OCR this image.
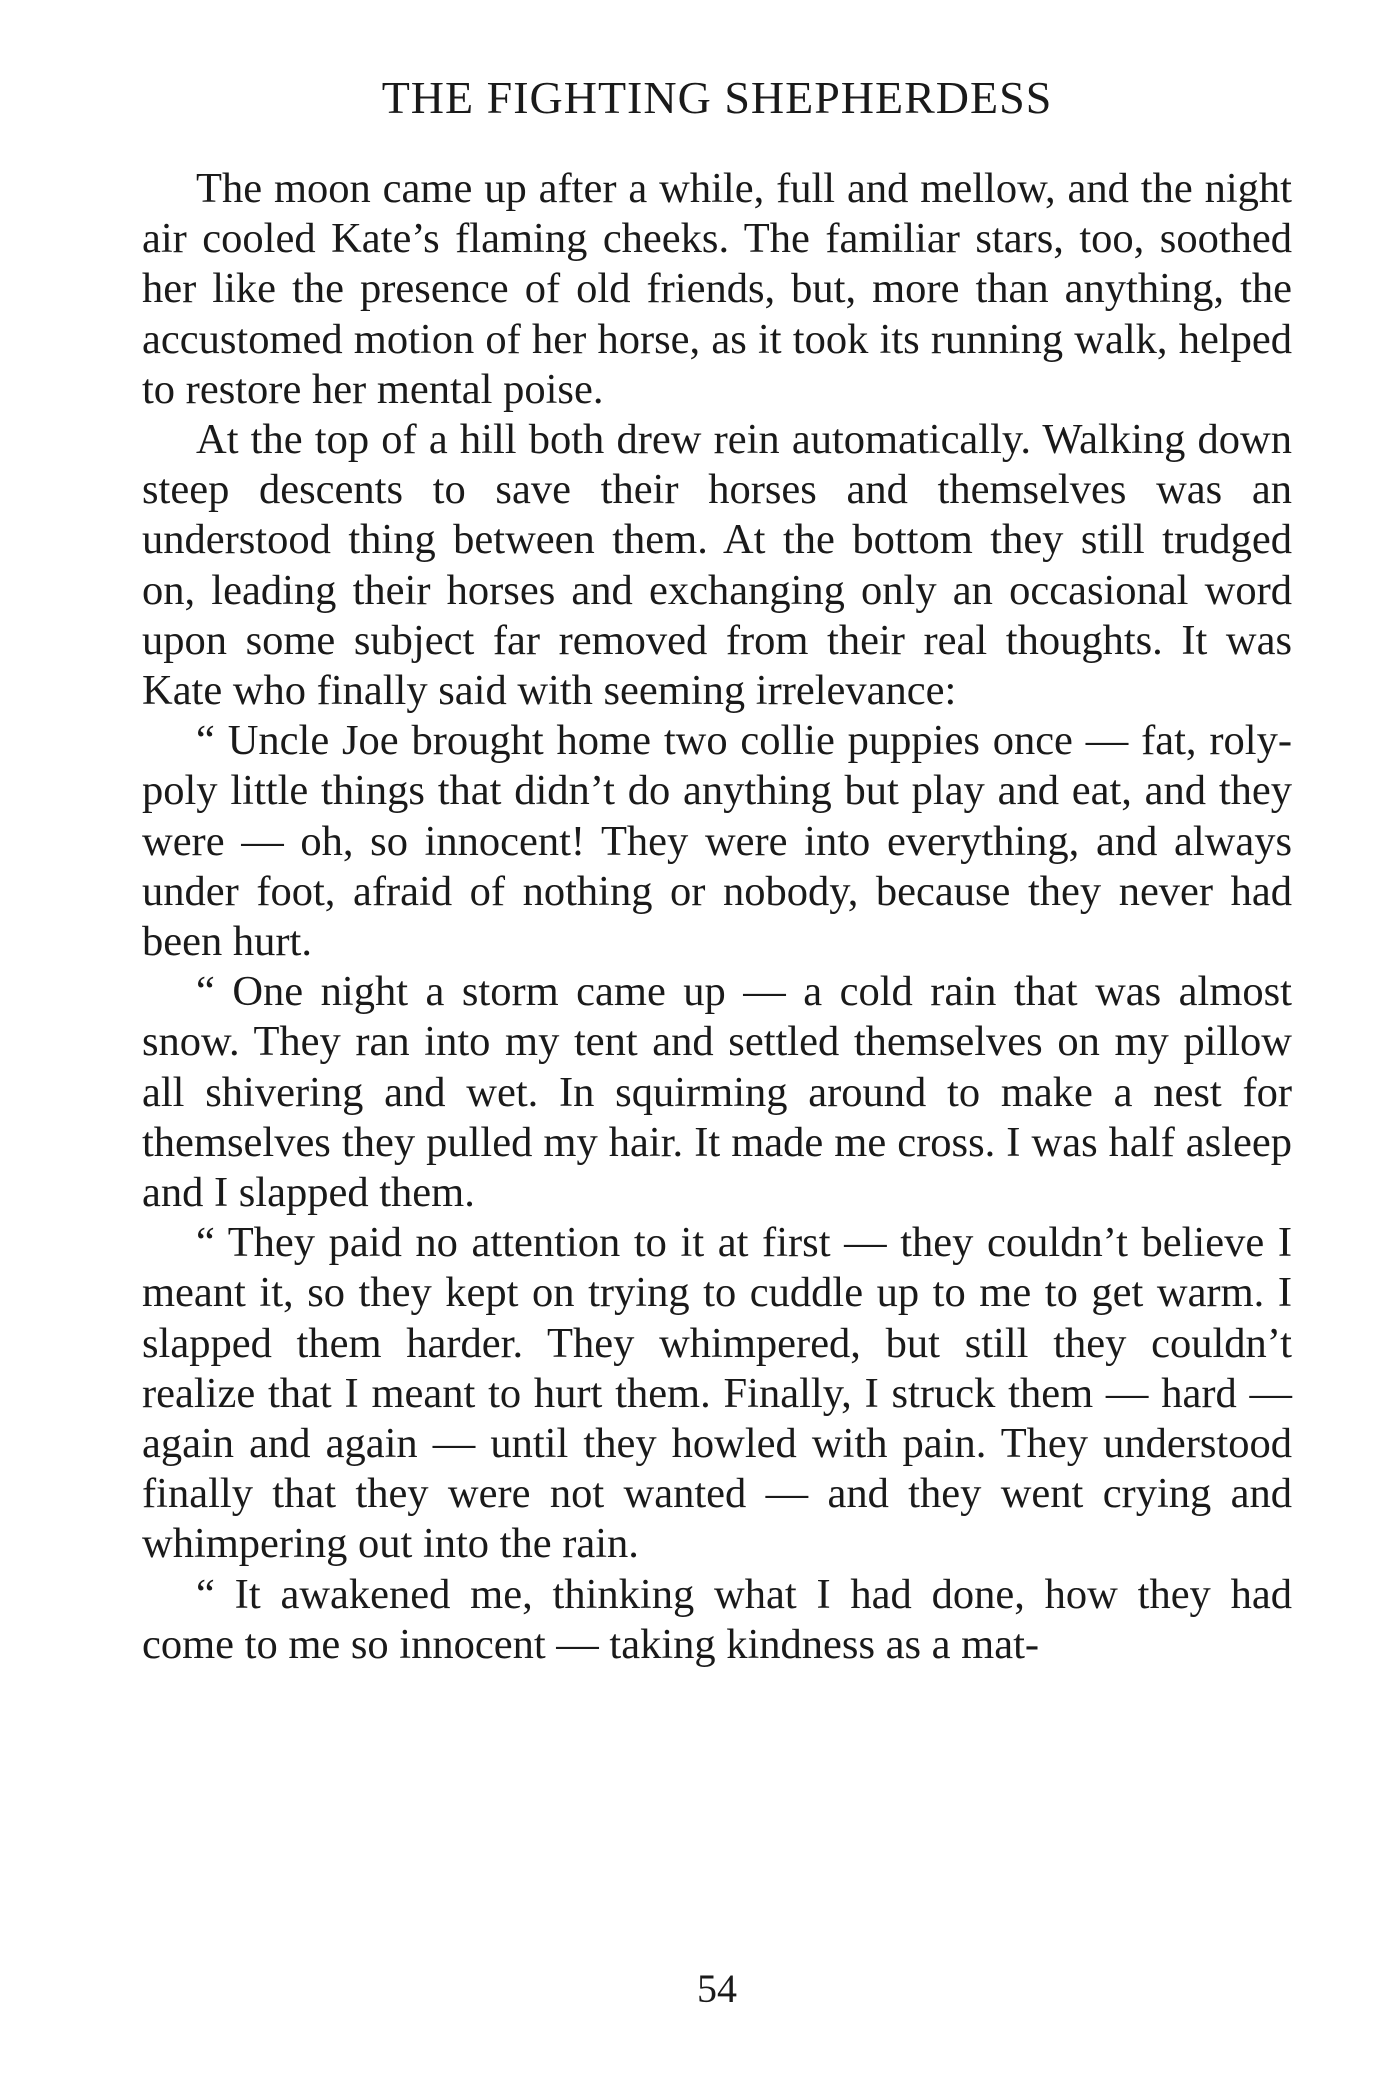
THE FIGHTING SHEPHERDESS

The moon came up after a while, full and mellow, and the night air cooled Kate’s flaming cheeks. The familiar stars, too, soothed her like the presence of old friends, but, more than anything, the accustomed motion of her horse, as it took its running walk, helped to restore her mental poise.

At the top of a hill both drew rein automatically. Walking down steep descents to save their horses and themselves was an understood thing between them. At the bottom they still trudged on, leading their horses and exchanging only an occasional word upon some subject far removed from their real thoughts. It was Kate who finally said with seeming irrelevance:

“ Uncle Joe brought home two collie puppies once — fat, roly-poly little things that didn’t do anything but play and eat, and they were — oh, so innocent! They were into everything, and always under foot, afraid of nothing or nobody, because they never had been hurt.

“ One night a storm came up — a cold rain that was almost snow. They ran into my tent and settled themselves on my pillow all shivering and wet. In squirming around to make a nest for themselves they pulled my hair. It made me cross. I was half asleep and I slapped them.

“ They paid no attention to it at first — they couldn’t believe I meant it, so they kept on trying to cuddle up to me to get warm. I slapped them harder. They whimpered, but still they couldn’t realize that I meant to hurt them. Finally, I struck them — hard — again and again — until they howled with pain. They understood finally that they were not wanted — and they went crying and whimpering out into the rain.

“ It awakened me, thinking what I had done, how they had come to me so innocent — taking kindness as a mat-

54
